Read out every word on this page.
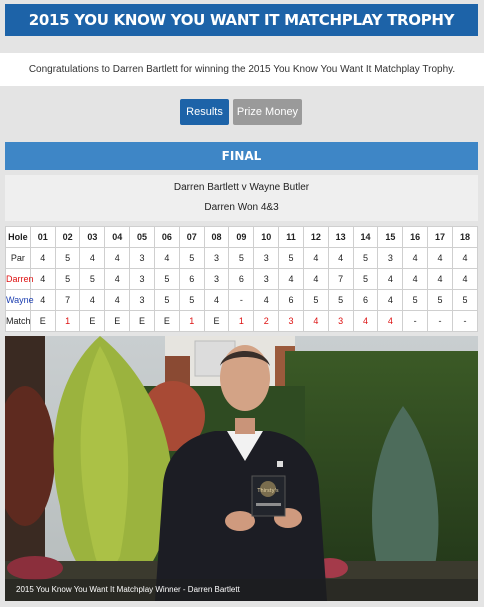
2015 YOU KNOW YOU WANT IT MATCHPLAY TROPHY
Congratulations to Darren Bartlett for winning the 2015 You Know You Want It Matchplay Trophy.
Results	Prize Money
FINAL
Darren Bartlett v Wayne Butler
Darren Won 4&3
Hole	01	02	03	04	05	06	07	08	09	10	11	12	13	14	15	16	17	18
Par	4	5	4	4	3	4	5	3	5	3	5	4	4	5	3	4	4	4
Darren	4	5	5	4	3	5	6	3	6	3	4	4	7	5	4	4	4	4
Wayne	4	7	4	4	3	5	5	4	-	4	6	5	5	6	4	5	5	5
Match	E	1	E	E	E	E	1	E	1	2	3	4	3	4	4	-	-	-
Thirsty's
2015 You Know You Want It Matchplay Winner - Darren Bartlett
